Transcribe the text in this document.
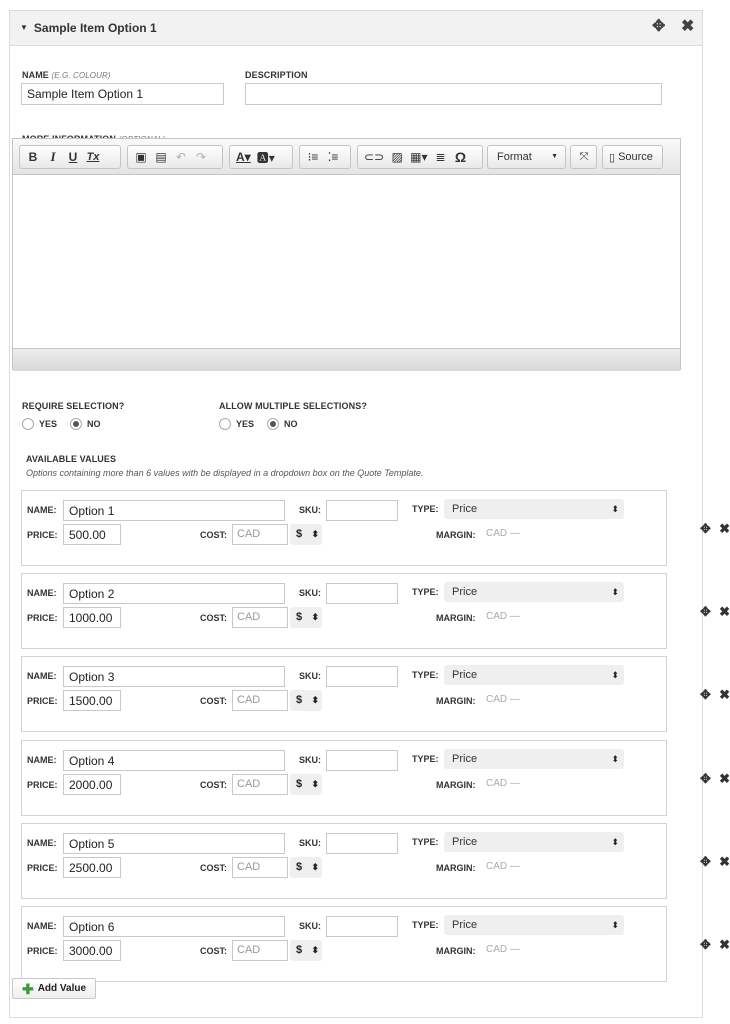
▼ Sample Item Option 1	✥ ✖
NAME (E.G. COLOUR)
Sample Item Option 1	DESCRIPTION
B	I	U Tx	▣ ▤ ↶ ↷	A▾ 🅰▾	⁝≡ ⁚≡	⊂⊃ ▨ ▦▾ ≣ Ω	Format	▼	⤧	▯ Source
REQUIRE SELECTION?
YES	NO
ALLOW MULTIPLE SELECTIONS?
YES	NO
AVAILABLE VALUES
Options containing more than 6 values with be displayed in a dropdown box on the Quote Template.
NAME:
Option 1	SKU:	TYPE:	Price	⬍
PRICE:
500.00	COST: CAD	$ ⬍	MARGIN: CAD —	✥ ✖
NAME:
Option 2	SKU:	TYPE:	Price	⬍
PRICE:
1000.00	COST: CAD	$ ⬍	MARGIN: CAD —	✥ ✖
NAME:
Option 3	SKU:	TYPE:	Price	⬍
PRICE:
1500.00	COST: CAD	$ ⬍	MARGIN: CAD —	✥ ✖
NAME:
Option 4	SKU:	TYPE:	Price	⬍
PRICE:
2000.00	COST: CAD	$ ⬍	MARGIN: CAD —	✥ ✖
NAME:
Option 5	SKU:	TYPE:	Price	⬍
PRICE:
2500.00	COST: CAD	$ ⬍	MARGIN: CAD —	✥ ✖
NAME:
Option 6	SKU:	TYPE:	Price	⬍
PRICE:
3000.00	COST: CAD	$ ⬍	MARGIN: CAD —	✥ ✖
✚ Add Value
